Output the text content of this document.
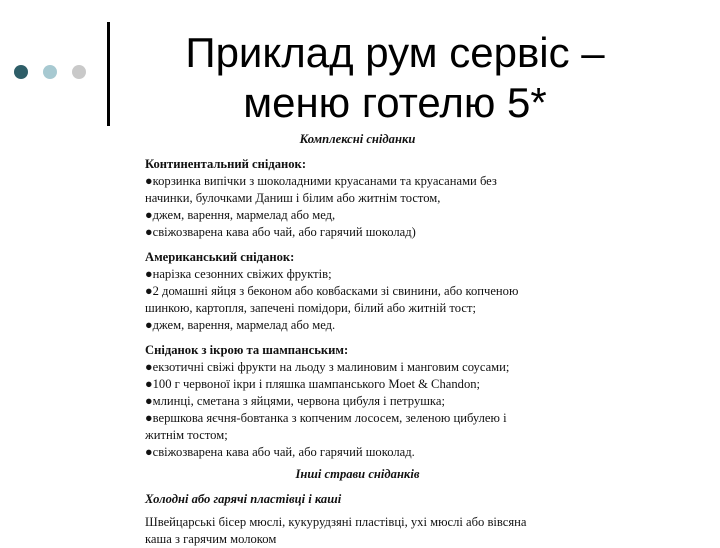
Приклад рум сервіс –
меню готелю 5*
Комплексні сніданки
Континентальний сніданок:
●корзинка випічки з шоколадними круасанами та круасанами без
начинки, булочками Даниш і білим або житнім тостом,
●джем, варення, мармелад або мед,
●свіжозварена кава або чай, або гарячий шоколад)
Американський сніданок:
●нарізка сезонних свіжих фруктів;
●2 домашні яйця з беконом або ковбасками зі свинини, або копченою
шинкою, картопля, запечені помідори, білий або житній тост;
●джем, варення, мармелад або мед.
Сніданок з ікрою та шампанським:
●екзотичні свіжі фрукти на льоду з малиновим і манговим соусами;
●100 г червоної ікри і пляшка шампанського Moet & Chandon;
●млинці, сметана з яйцями, червона цибуля і петрушка;
●вершкова яєчня-бовтанка з копченим лососем, зеленою цибулею і
житнім тостом;
●свіжозварена кава або чай, або гарячий шоколад.
Інші страви сніданків
Холодні або гарячі пластівці і каші
Швейцарські бісер мюслі, кукурудзяні пластівці, ухі мюслі або вівсяна
каша з гарячим молоком
